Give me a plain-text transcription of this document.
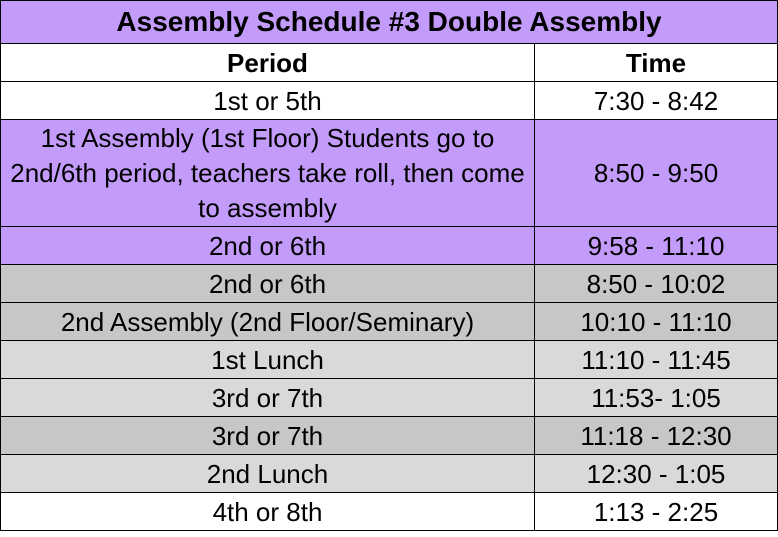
Assembly Schedule #3 Double Assembly	
Period	Time
1st or 5th	7:30 - 8:42
1st Assembly (1st Floor) Students go to 2nd/6th period, teachers take roll, then come to assembly	8:50 - 9:50
2nd or 6th	9:58 - 11:10
2nd or 6th	8:50 - 10:02
2nd Assembly (2nd Floor/Seminary)	10:10 - 11:10
1st Lunch	11:10 - 11:45
3rd or 7th	11:53- 1:05
3rd or 7th	11:18 - 12:30
2nd Lunch	12:30 - 1:05
4th or 8th	1:13 - 2:25
